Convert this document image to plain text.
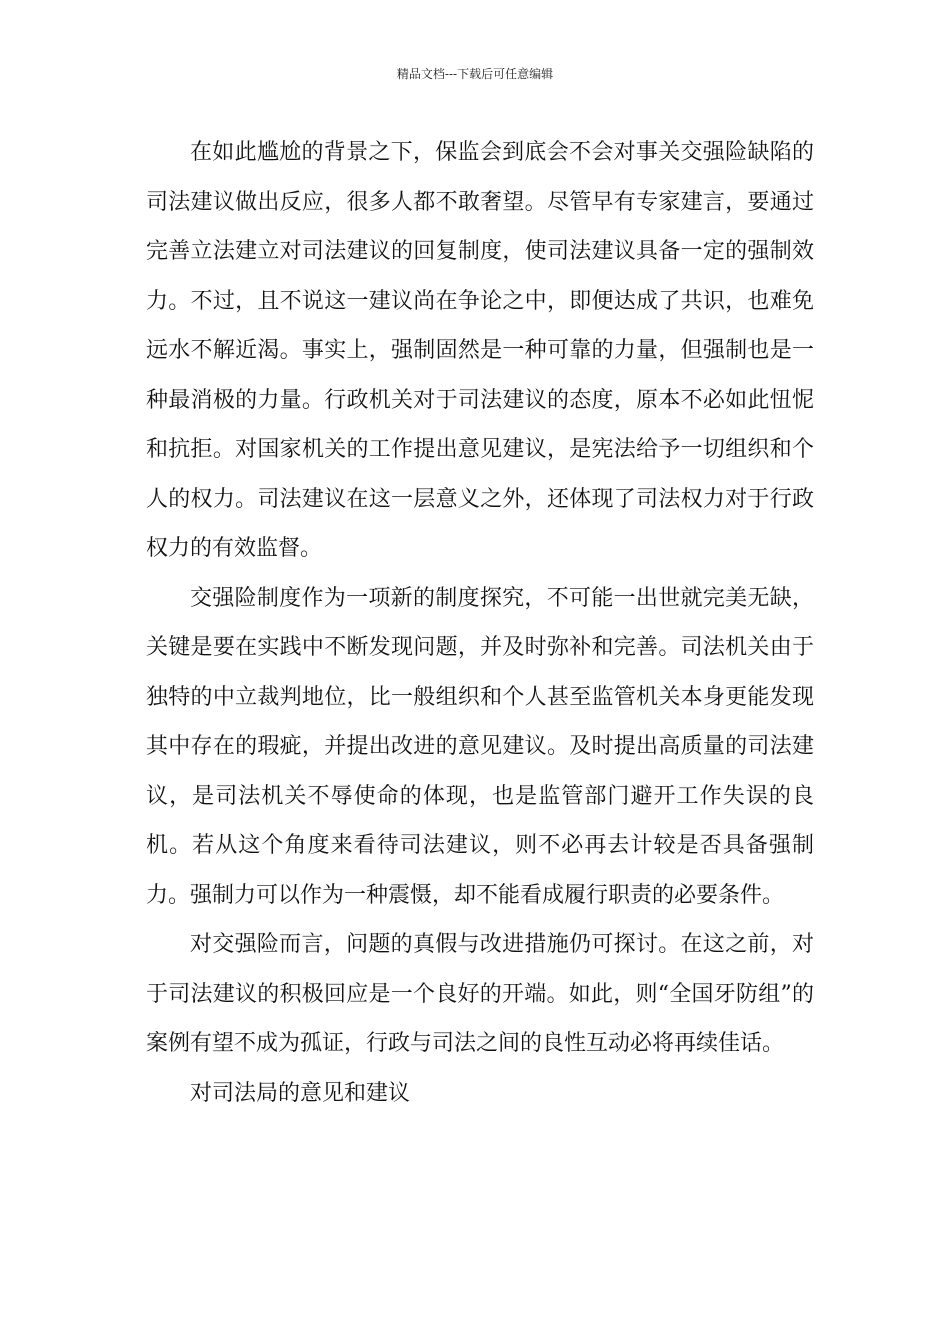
精品文档---下载后可任意编辑

在如此尴尬的背景之下，保监会到底会不会对事关交强险缺陷的司法建议做出反应，很多人都不敢奢望。尽管早有专家建言，要通过完善立法建立对司法建议的回复制度，使司法建议具备一定的强制效力。不过，且不说这一建议尚在争论之中，即便达成了共识，也难免远水不解近渴。事实上，强制固然是一种可靠的力量，但强制也是一种最消极的力量。行政机关对于司法建议的态度，原本不必如此忸怩和抗拒。对国家机关的工作提出意见建议，是宪法给予一切组织和个人的权力。司法建议在这一层意义之外，还体现了司法权力对于行政权力的有效监督。

交强险制度作为一项新的制度探究，不可能一出世就完美无缺，关键是要在实践中不断发现问题，并及时弥补和完善。司法机关由于独特的中立裁判地位，比一般组织和个人甚至监管机关本身更能发现其中存在的瑕疵，并提出改进的意见建议。及时提出高质量的司法建议，是司法机关不辱使命的体现，也是监管部门避开工作失误的良机。若从这个角度来看待司法建议，则不必再去计较是否具备强制力。强制力可以作为一种震慑，却不能看成履行职责的必要条件。

对交强险而言，问题的真假与改进措施仍可探讨。在这之前，对于司法建议的积极回应是一个良好的开端。如此，则“全国牙防组”的案例有望不成为孤证，行政与司法之间的良性互动必将再续佳话。

对司法局的意见和建议
